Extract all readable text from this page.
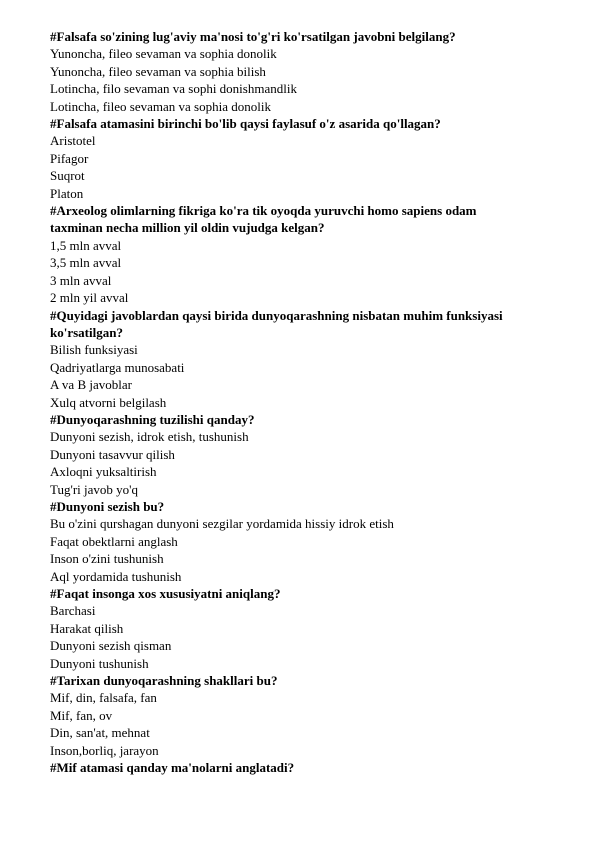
#Falsafa so'zining lug'aviy ma'nosi to'g'ri ko'rsatilgan javobni belgilang?
Yunoncha, fileo sevaman va sophia donolik
Yunoncha, fileo sevaman va sophia bilish
Lotincha, filo sevaman va sophi donishmandlik
Lotincha, fileo sevaman va sophia donolik
#Falsafa atamasini birinchi bo'lib qaysi faylasuf o'z asarida qo'llagan?
Aristotel
Pifagor
Suqrot
Platon
#Arxeolog olimlarning fikriga ko'ra tik oyoqda yuruvchi homo sapiens odam
taxminan necha million yil oldin vujudga kelgan?
1,5 mln avval
3,5 mln avval
3 mln avval
2 mln yil avval
#Quyidagi javoblardan qaysi birida dunyoqarashning nisbatan muhim funksiyasi
ko'rsatilgan?
Bilish funksiyasi
Qadriyatlarga munosabati
A va B javoblar
Xulq atvorni belgilash
#Dunyoqarashning tuzilishi qanday?
Dunyoni sezish, idrok etish, tushunish
Dunyoni tasavvur qilish
Axloqni yuksaltirish
Tug'ri javob yo'q
#Dunyoni sezish bu?
Bu o'zini qurshagan dunyoni sezgilar yordamida hissiy idrok etish
Faqat obektlarni anglash
Inson o'zini tushunish
Aql yordamida tushunish
#Faqat insonga xos xususiyatni aniqlang?
Barchasi
Harakat qilish
Dunyoni sezish qisman
Dunyoni tushunish
#Tarixan dunyoqarashning shakllari bu?
Mif, din, falsafa, fan
Mif, fan, ov
Din, san'at, mehnat
Inson,borliq, jarayon
#Mif atamasi qanday ma'nolarni anglatadi?
